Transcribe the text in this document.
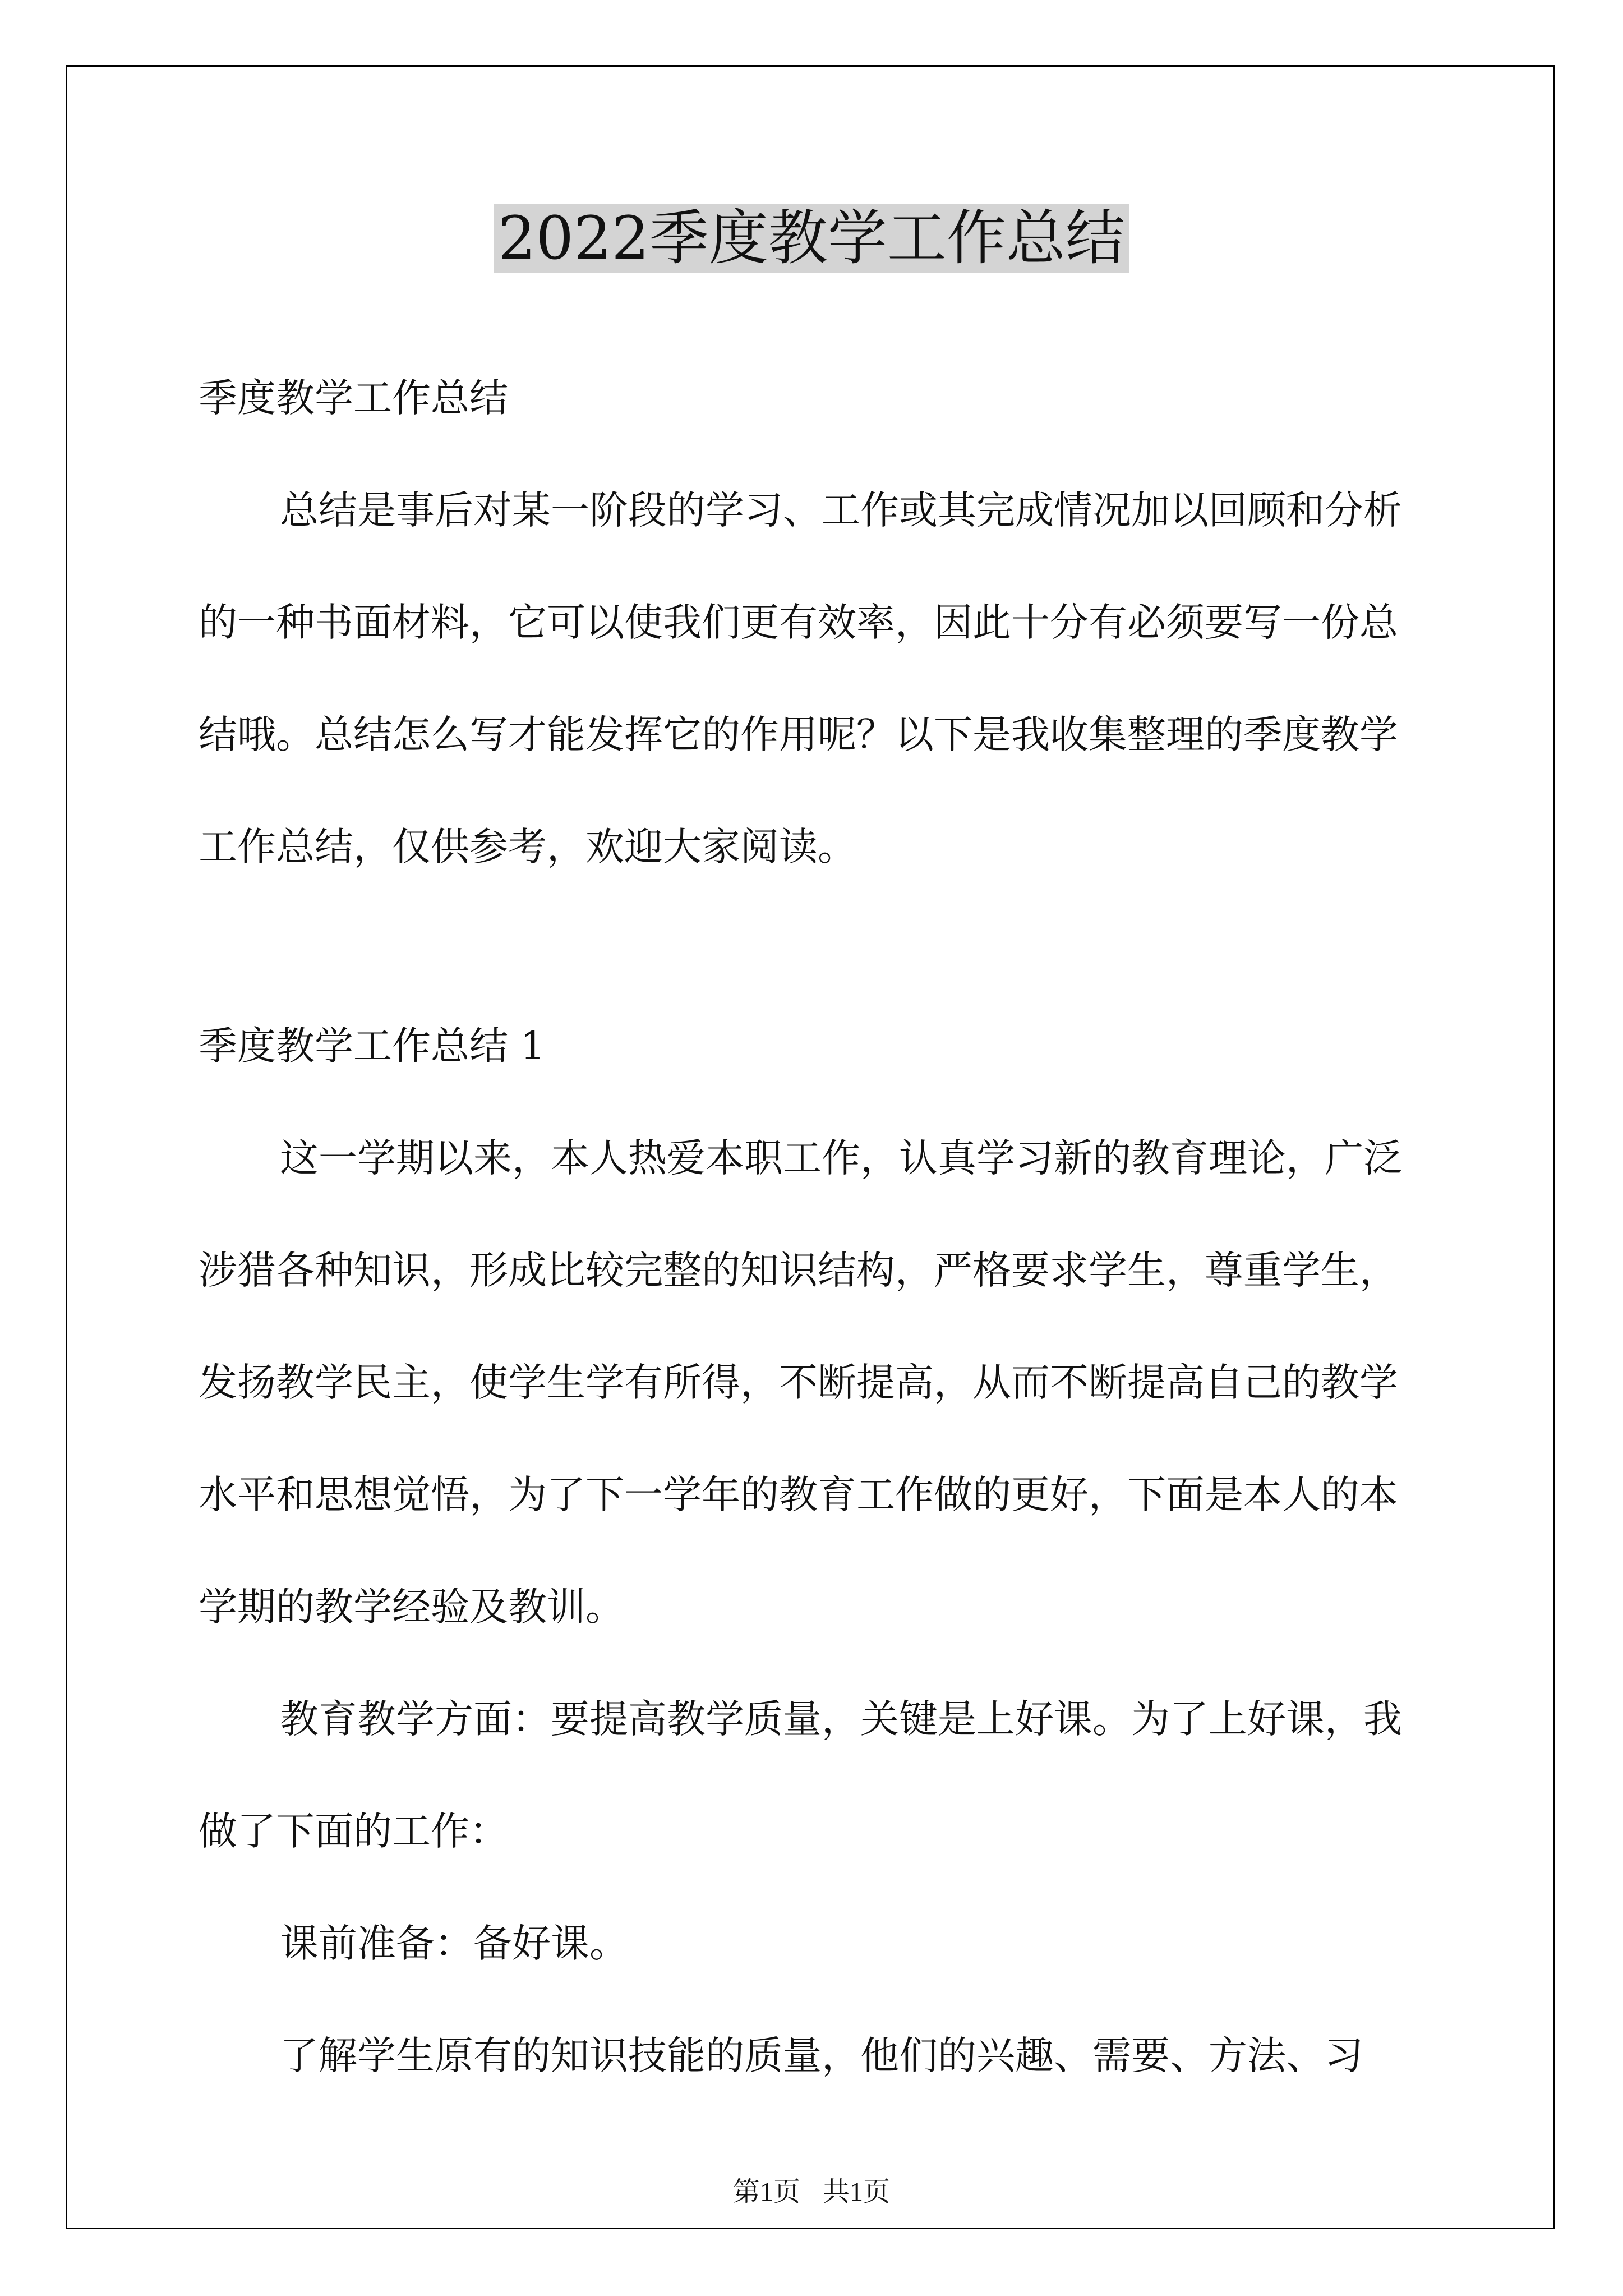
2022季度教学工作总结

季度教学工作总结

总结是事后对某一阶段的学习、工作或其完成情况加以回顾和分析的一种书面材料，它可以使我们更有效率，因此十分有必须要写一份总结哦。总结怎么写才能发挥它的作用呢？以下是我收集整理的季度教学工作总结，仅供参考，欢迎大家阅读。

季度教学工作总结 1

这一学期以来，本人热爱本职工作，认真学习新的教育理论，广泛涉猎各种知识，形成比较完整的知识结构，严格要求学生，尊重学生，发扬教学民主，使学生学有所得，不断提高，从而不断提高自己的教学水平和思想觉悟，为了下一学年的教育工作做的更好，下面是本人的本学期的教学经验及教训。

教育教学方面：要提高教学质量，关键是上好课。为了上好课，我做了下面的工作：

课前准备：备好课。

了解学生原有的知识技能的质量，他们的兴趣、需要、方法、习

第1页 共1页
